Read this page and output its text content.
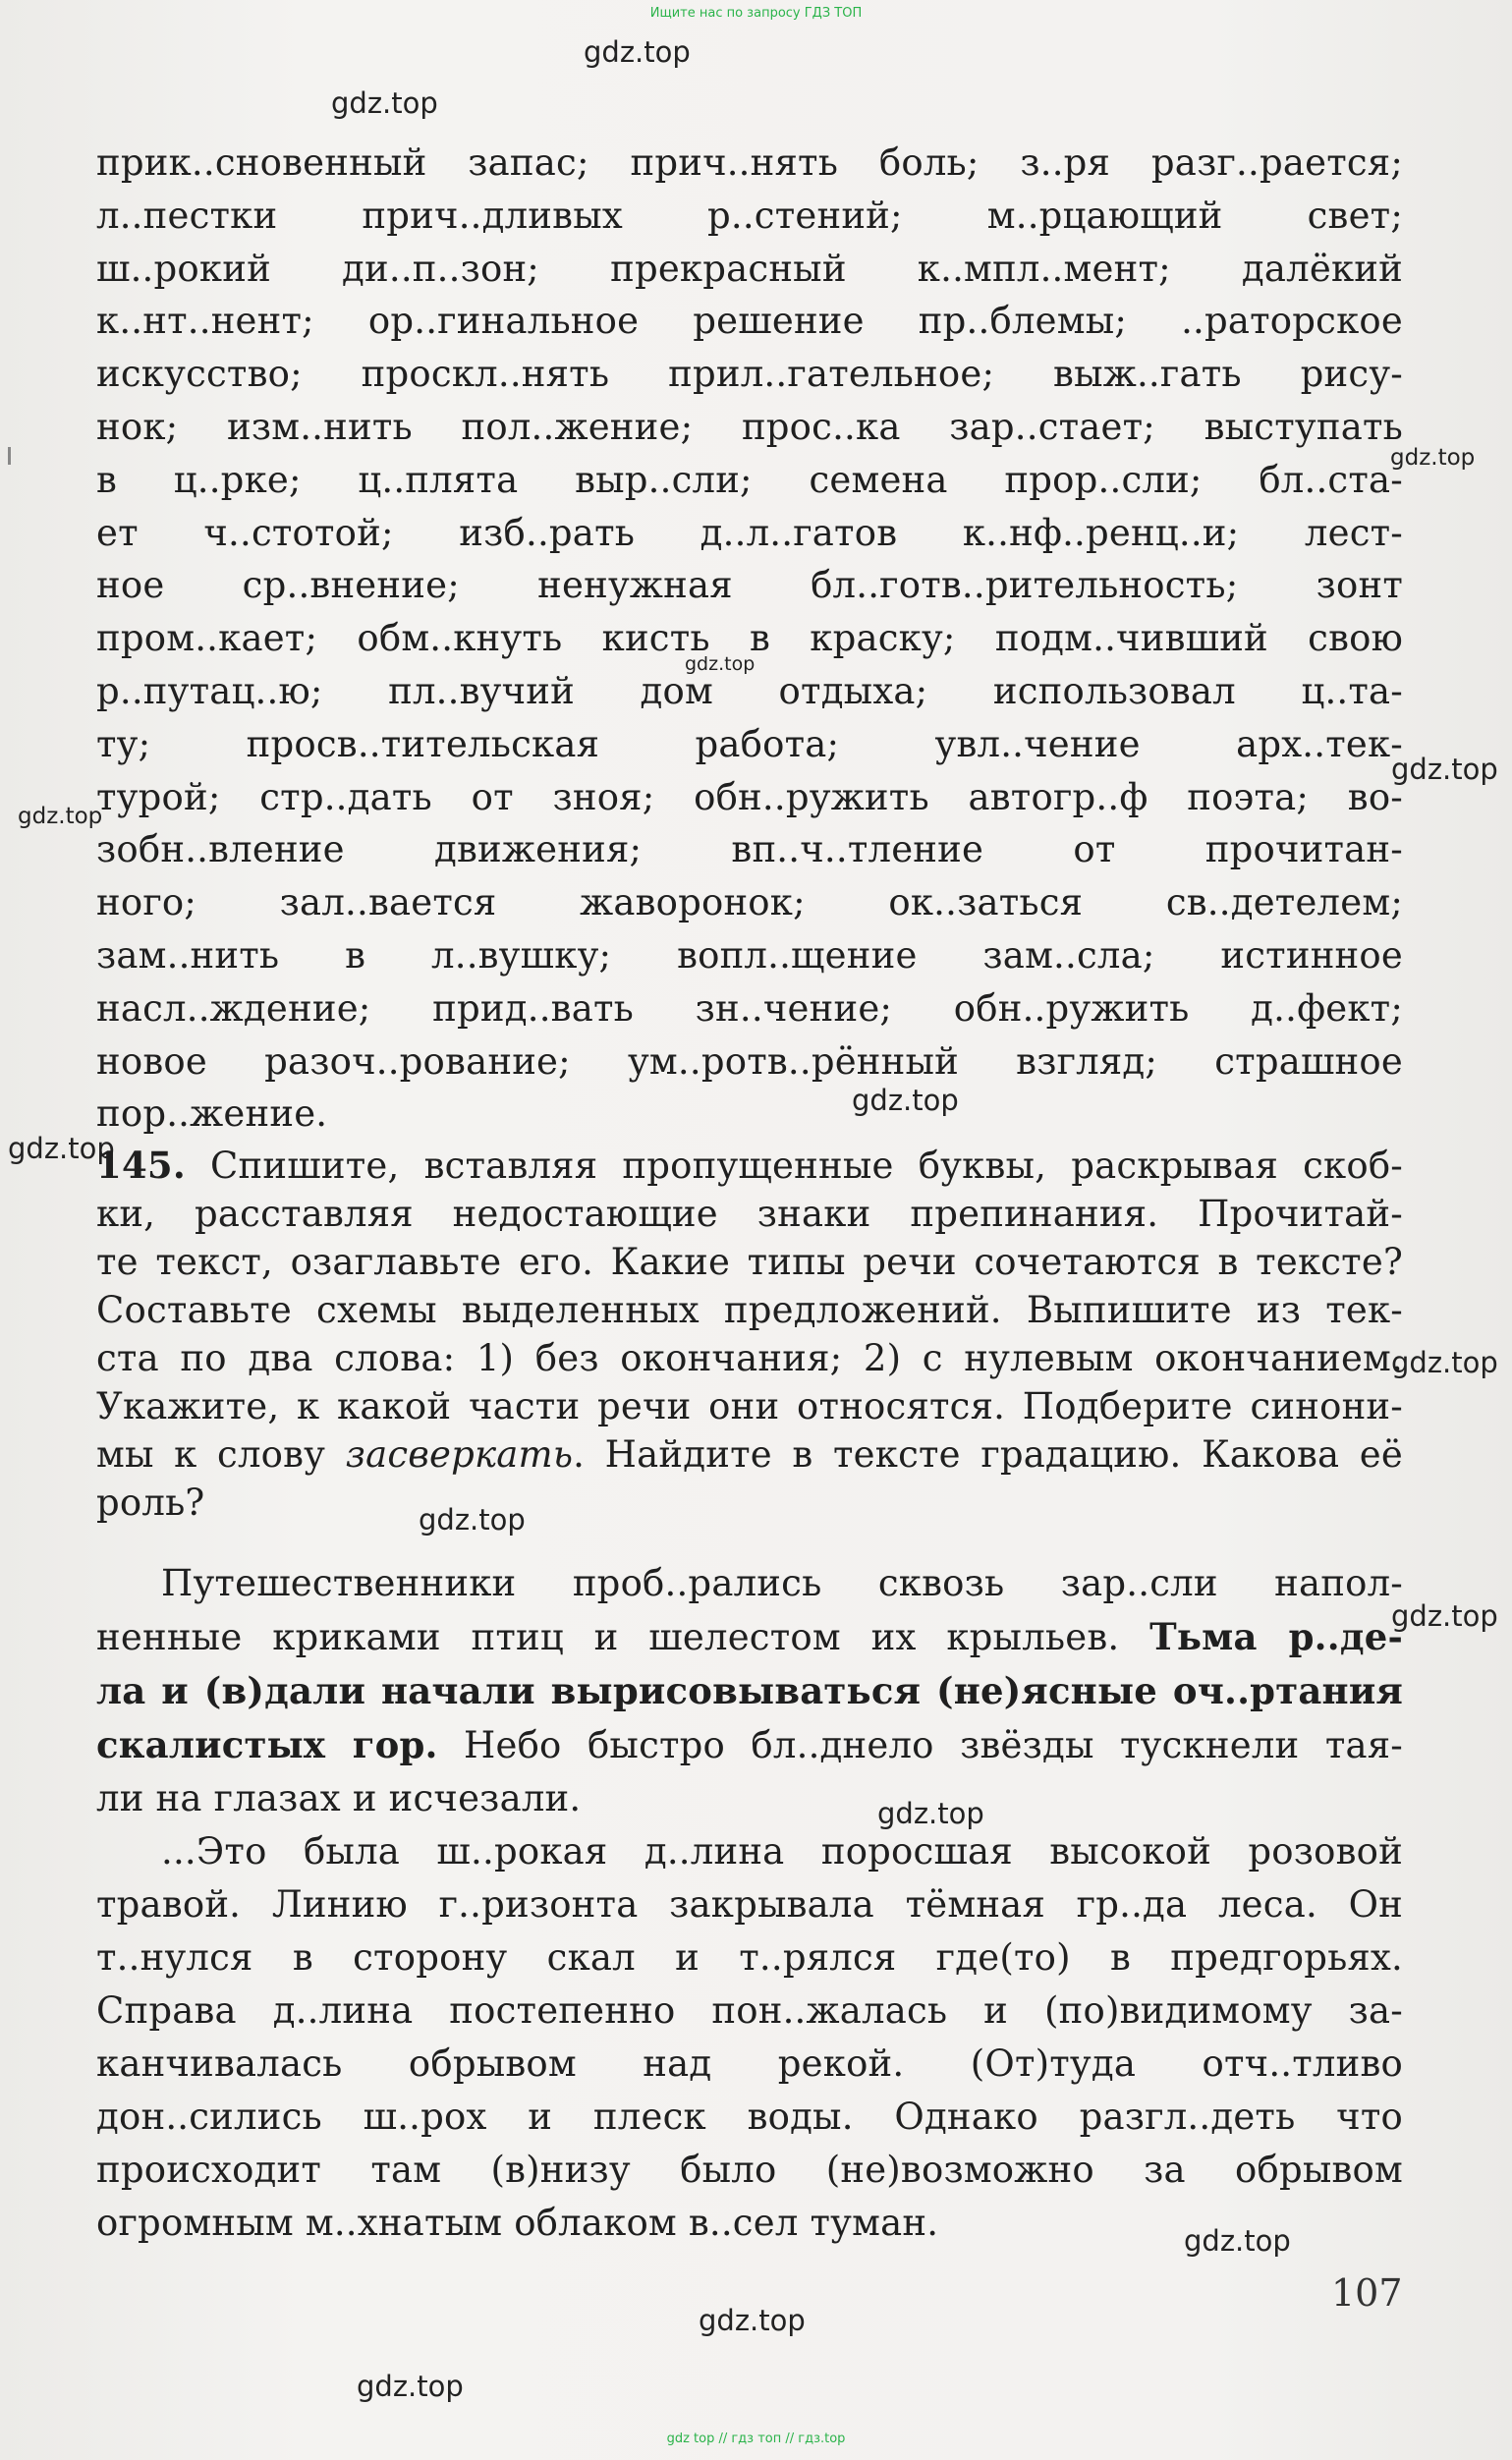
Ищите нас по запросу ГДЗ ТОП
gdz.top
gdz.top
gdz.top
gdz.top
gdz.top
gdz.top
gdz.top
gdz.top
gdz.top
gdz.top
gdz.top
gdz.top
gdz.top
gdz.top
gdz.top
прик..сновенный запас; прич..нять боль; з..ря разг..рается;
л..пестки прич..дливых р..стений; м..рцающий свет;
ш..рокий ди..п..зон; прекрасный к..мпл..мент; далёкий
к..нт..нент; ор..гинальное решение пр..блемы; ..раторское
искусство; проскл..нять прил..гательное; выж..гать рису-
нок; изм..нить пол..жение; прос..ка зар..стает; выступать
в ц..рке; ц..плята выр..сли; семена прор..сли; бл..ста-
ет ч..стотой; изб..рать д..л..гатов к..нф..ренц..и; лест-
ное ср..внение; ненужная бл..готв..рительность; зонт
пром..кает; обм..кнуть кисть в краску; подм..чивший свою
р..путац..ю; пл..вучий дом отдыха; использовал ц..та-
ту; просв..тительская работа; увл..чение арх..тек-
турой; стр..дать от зноя; обн..ружить автогр..ф поэта; во-
зобн..вление движения; вп..ч..тление от прочитан-
ного; зал..вается жаворонок; ок..заться св..детелем;
зам..нить в л..вушку; вопл..щение зам..сла; истинное
насл..ждение; прид..вать зн..чение; обн..ружить д..фект;
новое разоч..рование; ум..ротв..рённый взгляд; страшное
пор..жение.
145. Спишите, вставляя пропущенные буквы, раскрывая скоб-
ки, расставляя недостающие знаки препинания. Прочитай-
те текст, озаглавьте его. Какие типы речи сочетаются в тексте?
Составьте схемы выделенных предложений. Выпишите из тек-
ста по два слова: 1) без окончания; 2) с нулевым окончанием.
Укажите, к какой части речи они относятся. Подберите синони-
мы к слову засверкать. Найдите в тексте градацию. Какова её
роль?
Путешественники проб..рались сквозь зар..сли напол-
ненные криками птиц и шелестом их крыльев. Тьма р..де-
ла и (в)дали начали вырисовываться (не)ясные оч..ртания
скалистых гор. Небо быстро бл..днело звёзды тускнели тая-
ли на глазах и исчезали.
...Это была ш..рокая д..лина поросшая высокой розовой
травой. Линию г..ризонта закрывала тёмная гр..да леса. Он
т..нулся в сторону скал и т..рялся где(то) в предгорьях.
Справа д..лина постепенно пон..жалась и (по)видимому за-
канчивалась обрывом над рекой. (От)туда отч..тливо
дон..сились ш..рох и плеск воды. Однако разгл..деть что
происходит там (в)низу было (не)возможно за обрывом
огромным м..хнатым облаком в..сел туман.
107
gdz top // гдз топ // гдз.top
